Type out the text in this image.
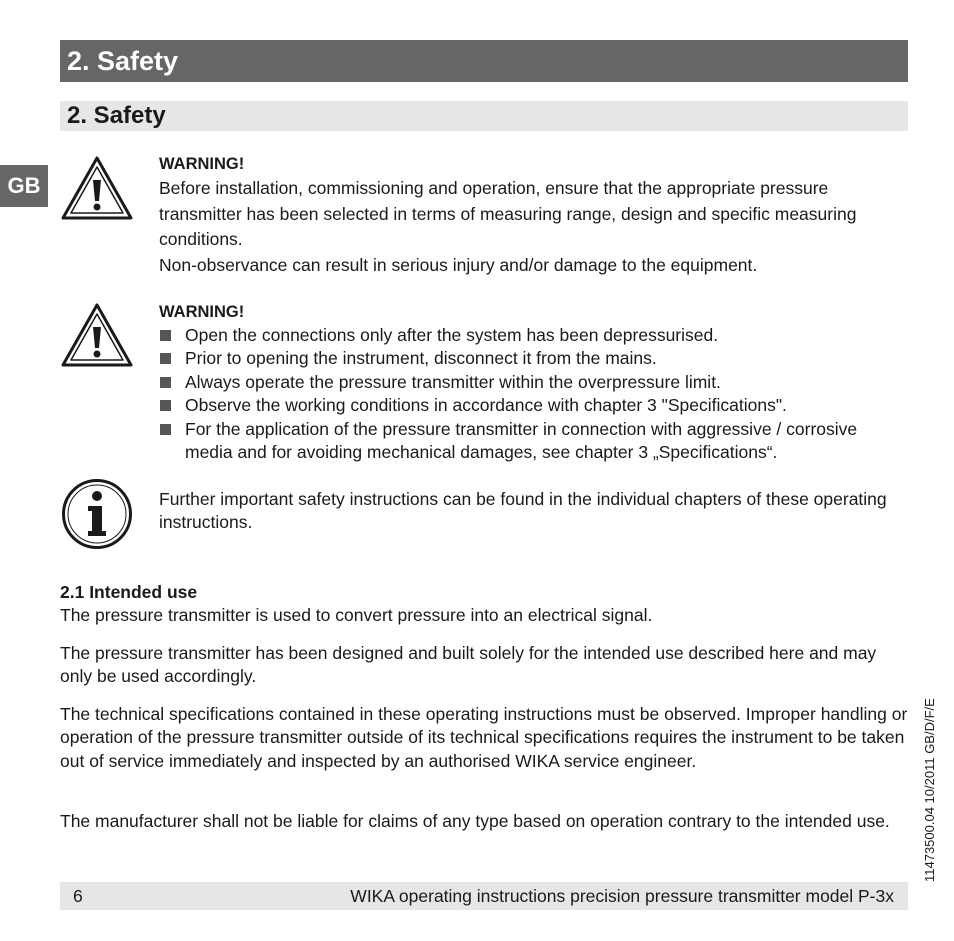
2. Safety
2. Safety
GB
WARNING!
Before installation, commissioning and operation, ensure that the appropriate pressure transmitter has been selected in terms of measuring range, design and specific measuring conditions.
Non-observance can result in serious injury and/or damage to the equipment.
WARNING!
Open the connections only after the system has been depressurised.
Prior to opening the instrument, disconnect it from the mains.
Always operate the pressure transmitter within the overpressure limit.
Observe the working conditions in accordance with chapter 3 "Specifications".
For the application of the pressure transmitter in connection with aggressive / corrosive media and for avoiding mechanical damages, see chapter 3 „Specifications“.
Further important safety instructions can be found in the individual chapters of these operating instructions.
2.1 Intended use
The pressure transmitter is used to convert pressure into an electrical signal.
The pressure transmitter has been designed and built solely for the intended use described here and may only be used accordingly.
The technical specifications contained in these operating instructions must be observed. Improper handling or operation of the pressure transmitter outside of its technical specifications requires the instrument to be taken out of service immediately and inspected by an authorised WIKA service engineer.
The manufacturer shall not be liable for claims of any type based on operation contrary to the intended use.
6	WIKA operating instructions precision pressure transmitter model P-3x
11473500.04 10/2011 GB/D/F/E
